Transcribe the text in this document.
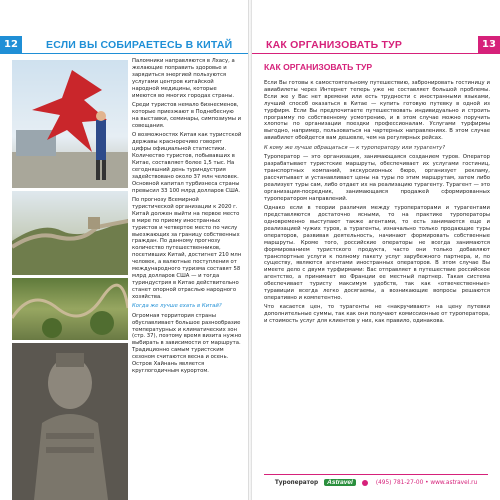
12	ЕСЛИ ВЫ СОБИРАЕТЕСЬ В КИТАЙ

Паломники направляются в Лхасу, а желающие поправить здоровье и зарядиться энергией пользуются услугами центров китайской народной медицины, которые имеются во многих городах страны.

Среди туристов немало бизнесменов, которые приезжают в Поднебесную на выставки, семинары, симпозиумы и совещания.

О возможностях Китая как туристской державы красноречиво говорят цифры официальной статистики. Количество туристов, побывавших в Китае, составляет более 1,5 тыс. На сегодняшний день туриндустрия задействовано около 37 млн человек. Основной капитал турбизнеса страны превысил 33 100 млрд долларов США.

По прогнозу Всемирной туристической организации к 2020 г. Китай должен выйти на первое место в мире по приему иностранных туристов и четвертое место по числу выезжающих за границу собственных граждан. По данному прогнозу количество путешественников, посетивших Китай, достигнет 210 млн человек, а валютные поступления от международного туризма составят 58 млрд долларов США — и тогда туриндустрия в Китае действительно станет опорной отраслью народного хозяйства.

Когда же лучше ехать в Китай?

Огромная территория страны обуславливает большое разнообразие температурных и климатических зон (стр. 37), поэтому время визита нужно выбирать в зависимости от маршрута. Традиционно самым туристским сезоном считаются весна и осень. Остров Хайнань является круглогодичным курортом.

КАК ОРГАНИЗОВАТЬ ТУР	13
КАК ОРГАНИЗОВАТЬ ТУР

Если Вы готовы к самостоятельному путешествию, забронировать гостиницу и авиабилеты через Интернет теперь уже не составляет большой проблемы. Если же у Вас нет времени или есть трудности с иностранными языками, лучший способ оказаться в Китае — купить готовую путевку в одной из турфирм. Если Вы предпочитаете путешествовать индивидуально и строить программу по собственному усмотрению, и в этом случае можно поручить хлопоты по организации поездки профессионалам. Услугами турфирмы выгодно, например, пользоваться на чартерных направлениях. В этом случае авиабилет обойдется вам дешевле, чем на регулярных рейсах.

К кому же лучше обращаться — к туроператору или турагенту?

Туроператор — это организация, занимающаяся созданием туров. Оператор разрабатывает туристские маршруты, обеспечивает их услугами гостиниц, транспортных компаний, экскурсионных бюро, организует рекламу, рассчитывает и устанавливает цены на туры по этим маршрутам, затем либо реализует туры сам, либо отдает их на реализацию турагенту. Турагент — это организация-посредник, занимающаяся продажей сформированных туроператором направлений.

Однако если в теории различия между туроператорами и турагентами представляются достаточно ясными, то на практике туроператоры одновременно выступают также агентами, то есть занимаются еще и реализацией чужих туров, а турагенты, изначально только продающие туры операторов, развивая деятельность, начинают формировать собственные маршруты. Кроме того, российские операторы не всегда занимаются формированием туристского продукта, часто они только добавляют транспортные услуги к полному пакету услуг зарубежного партнера, и, по существу, являются агентами иностранных операторов. В этом случае Вы имеете дело с двумя турфирмами: Вас отправляет в путешествие российское агентство, а принимает во Франции ее местный партнер. Такая система обеспечивает туристу максимум удобств, так как «отвечественные» туравиции всегда легко досягаемы, а возникающие вопросы решаются оперативно и компетентно.

Что касается цен, то турагенты не «накручивают» на цену путевки дополнительные суммы, так как они получают комиссионные от туроператора, и стоимость услуг для клиентов у них, как правило, одинакова.

Туроператор	Astravel	(495) 781-27-00 • www.astravel.ru
